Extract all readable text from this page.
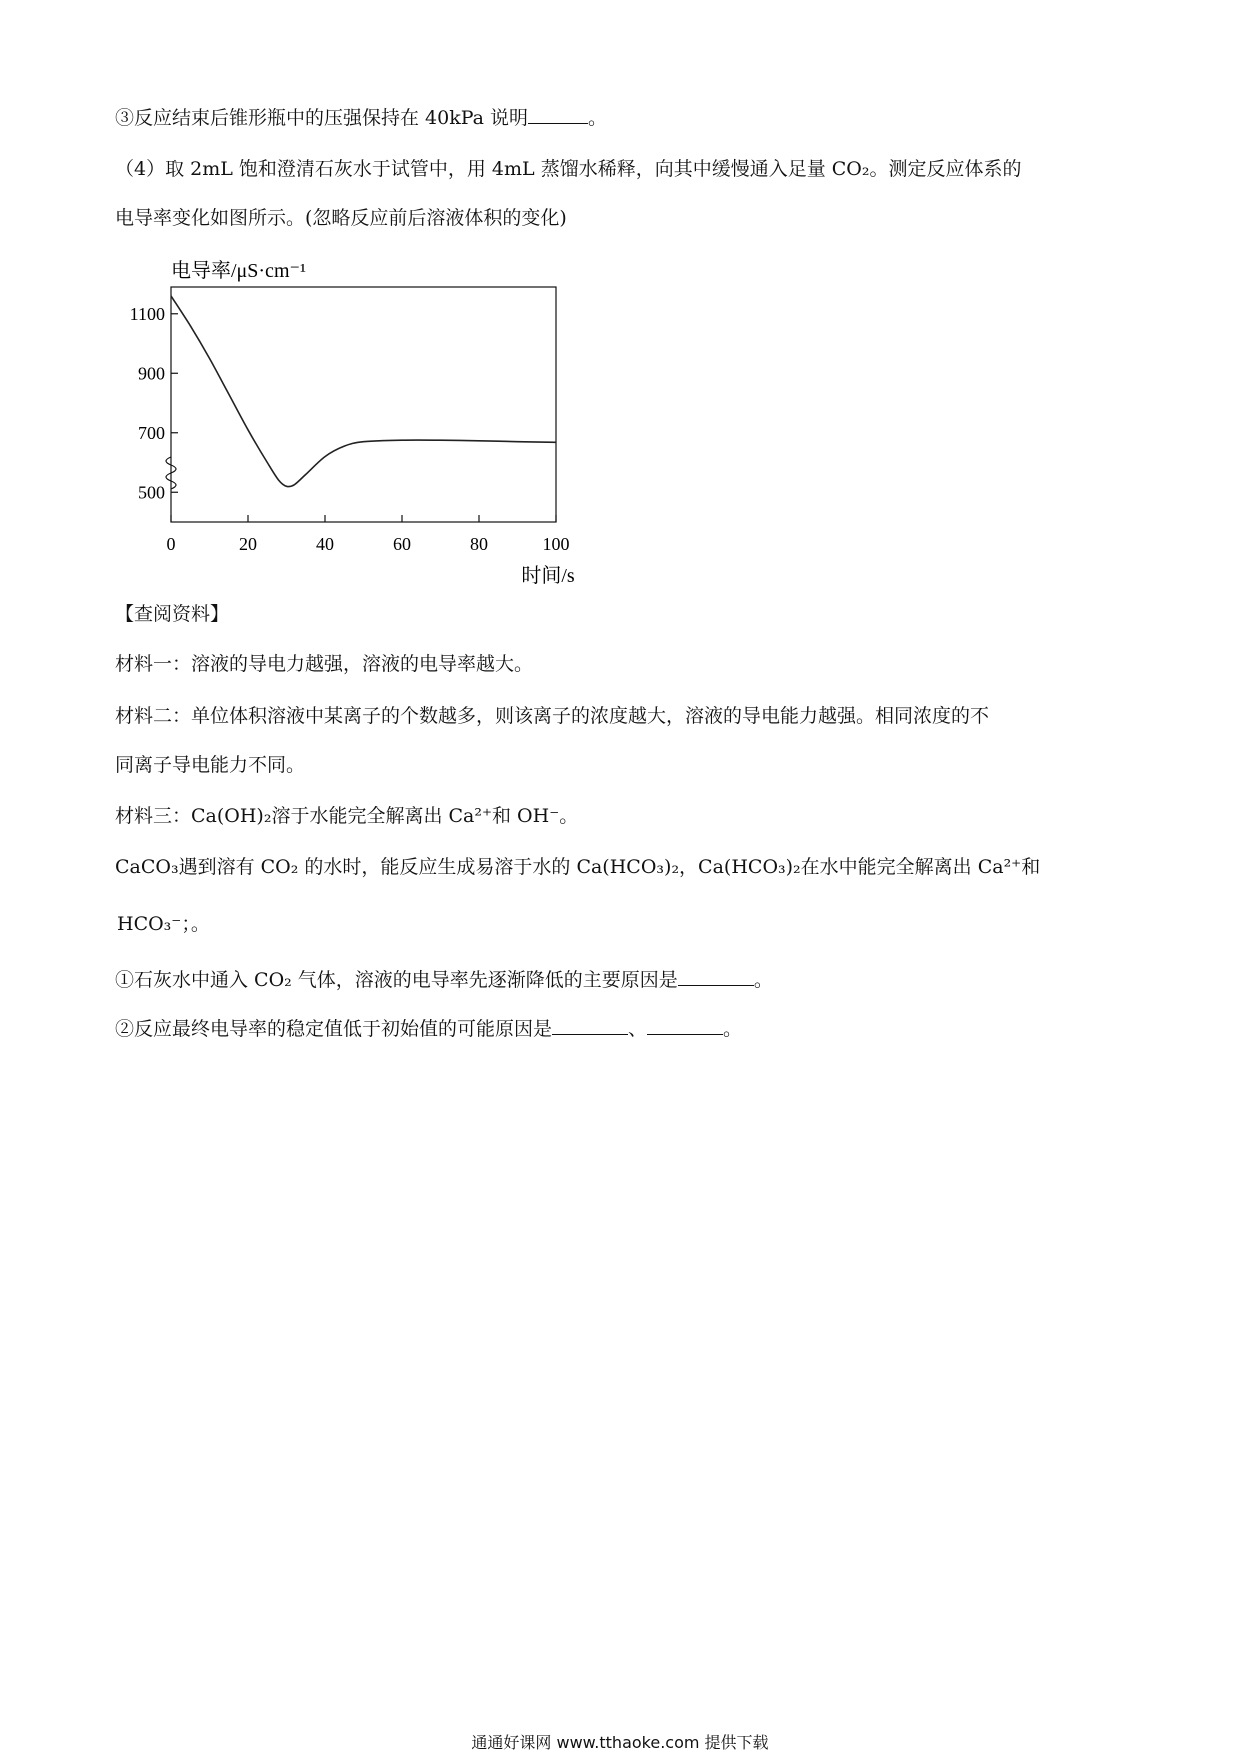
③反应结束后锥形瓶中的压强保持在 40kPa 说明	。
（4）取 2mL 饱和澄清石灰水于试管中，用 4mL 蒸馏水稀释，向其中缓慢通入足量 CO₂。测定反应体系的
电导率变化如图所示。(忽略反应前后溶液体积的变化)
电导率/μS·cm⁻¹
0	20	40	60	80	100
500
700
900
1100
时间/s
【查阅资料】
材料一：溶液的导电力越强，溶液的电导率越大。
材料二：单位体积溶液中某离子的个数越多，则该离子的浓度越大，溶液的导电能力越强。相同浓度的不
同离子导电能力不同。
材料三：Ca(OH)₂溶于水能完全解离出 Ca²⁺和 OH⁻。
CaCO₃遇到溶有 CO₂ 的水时，能反应生成易溶于水的 Ca(HCO₃)₂，Ca(HCO₃)₂在水中能完全解离出 Ca²⁺和
HCO₃⁻；。
①石灰水中通入 CO₂ 气体，溶液的电导率先逐渐降低的主要原因是	。
②反应最终电导率的稳定值低于初始值的可能原因是	、	。
通通好课网 www.tthaoke.com 提供下载
